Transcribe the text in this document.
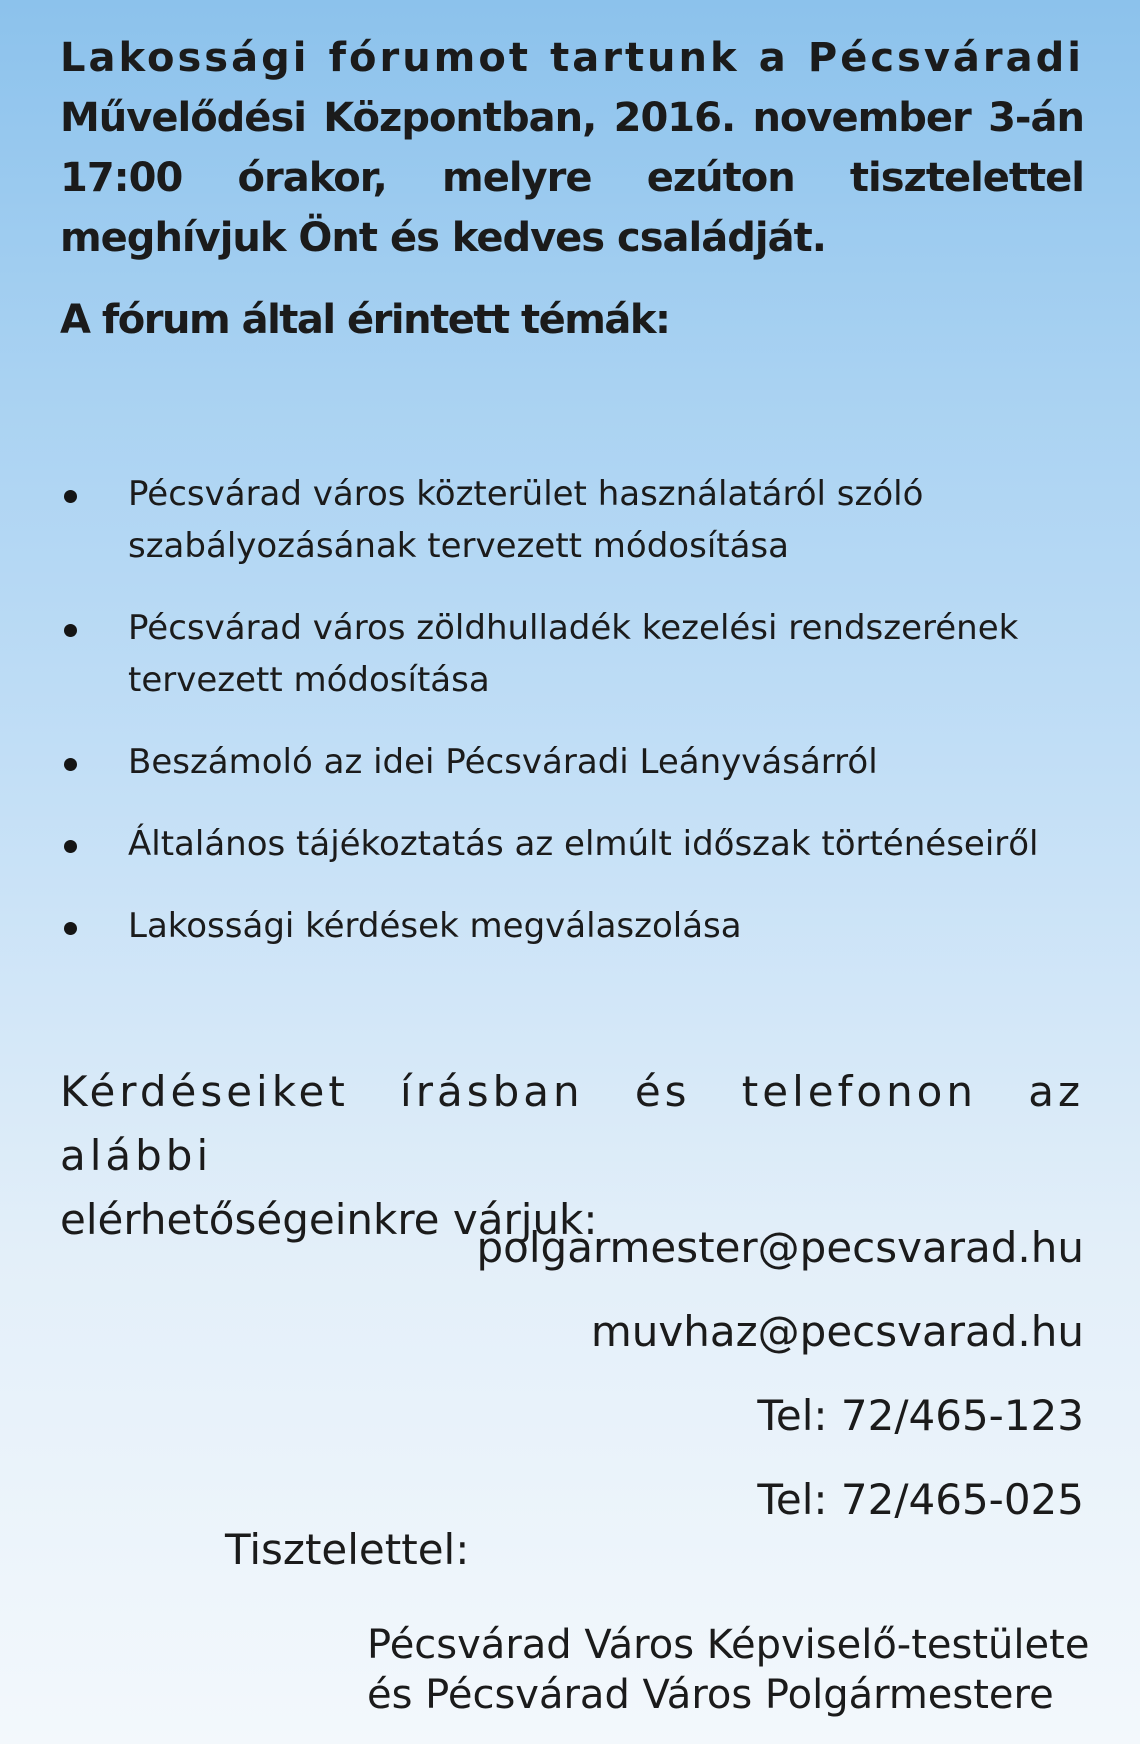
Lakossági fórumot tartunk a Pécsváradi
Művelődési Központban, 2016. november 3-án 17:00 órakor, melyre ezúton tisztelettel meghívjuk Önt és kedves családját.
A fórum által érintett témák:
Pécsvárad város közterület használatáról szóló szabályozásának tervezett módosítása
Pécsvárad város zöldhulladék kezelési rendszerének tervezett módosítása
Beszámoló az idei Pécsváradi Leányvásárról
Általános tájékoztatás az elmúlt időszak történéseiről
Lakossági kérdések megválaszolása
Kérdéseiket írásban és telefonon az alábbi
elérhetőségeinkre várjuk:
polgarmester@pecsvarad.hu
muvhaz@pecsvarad.hu
Tel: 72/465-123
Tel: 72/465-025
Tisztelettel:
Pécsvárad Város Képviselő-testülete
és Pécsvárad Város Polgármestere
